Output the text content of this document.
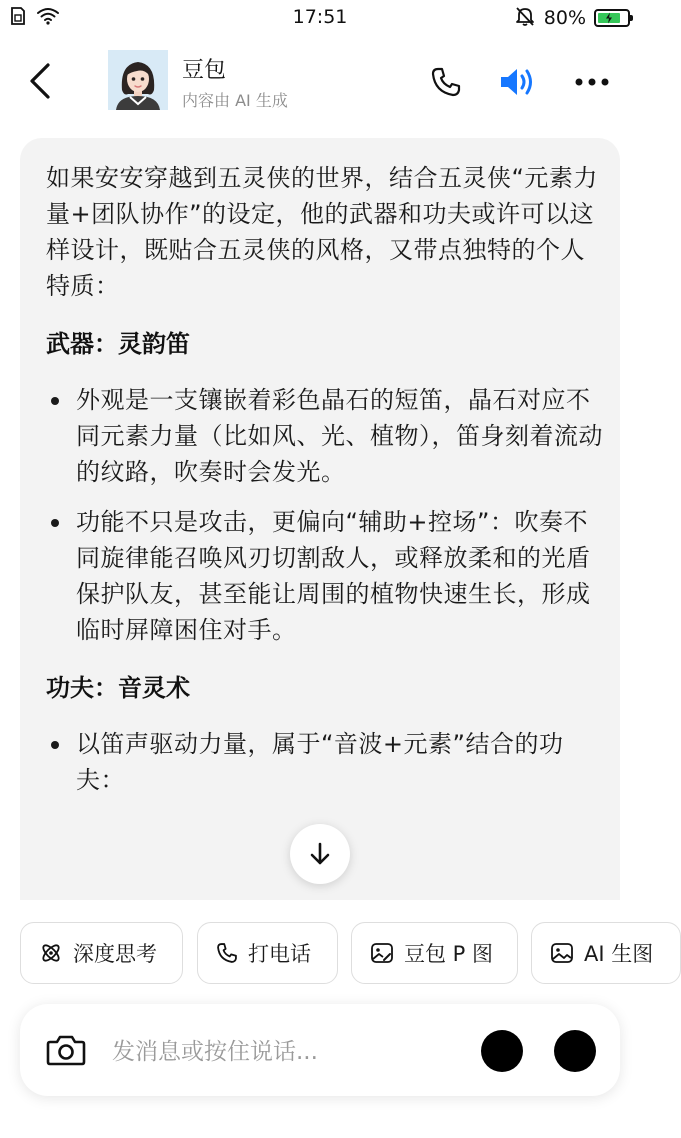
17:51	80%
豆包
内容由 AI 生成

如果安安穿越到五灵侠的世界，结合五灵侠“元素力量+团队协作”的设定，他的武器和功夫或许可以这样设计，既贴合五灵侠的风格，又带点独特的个人特质：

武器：灵韵笛

外观是一支镶嵌着彩色晶石的短笛，晶石对应不同元素力量（比如风、光、植物），笛身刻着流动的纹路，吹奏时会发光。
功能不只是攻击，更偏向“辅助+控场”：吹奏不同旋律能召唤风刃切割敌人，或释放柔和的光盾保护队友，甚至能让周围的植物快速生长，形成临时屏障困住对手。

功夫：音灵术

以笛声驱动力量，属于“音波+元素”结合的功夫：
深度思考	打电话	豆包 P 图	AI 生图
发消息或按住说话...
